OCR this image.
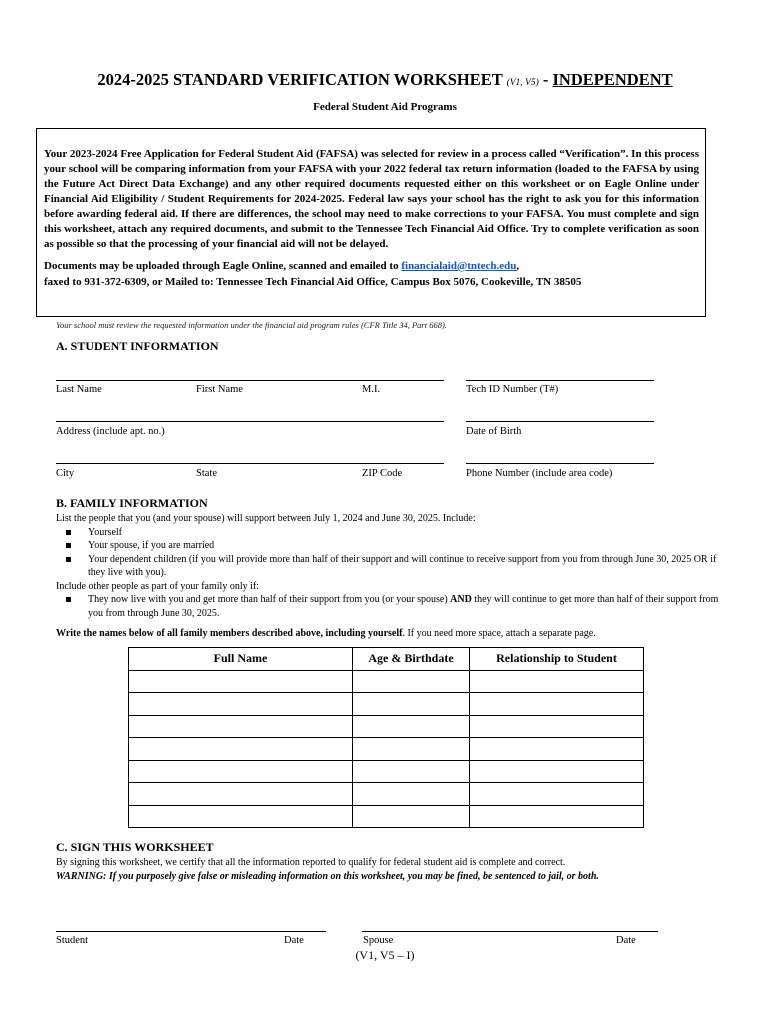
2024-2025 STANDARD VERIFICATION WORKSHEET (V1, V5) - INDEPENDENT
Federal Student Aid Programs

Your 2023-2024 Free Application for Federal Student Aid (FAFSA) was selected for review in a process called “Verification”. In this process your school will be comparing information from your FAFSA with your 2022 federal tax return information (loaded to the FAFSA by using the Future Act Direct Data Exchange) and any other required documents requested either on this worksheet or on Eagle Online under Financial Aid Eligibility / Student Requirements for 2024-2025. Federal law says your school has the right to ask you for this information before awarding federal aid. If there are differences, the school may need to make corrections to your FAFSA. You must complete and sign this worksheet, attach any required documents, and submit to the Tennessee Tech Financial Aid Office. Try to complete verification as soon as possible so that the processing of your financial aid will not be delayed.

Documents may be uploaded through Eagle Online, scanned and emailed to financialaid@tntech.edu,
faxed to 931-372-6309, or Mailed to: Tennessee Tech Financial Aid Office, Campus Box 5076, Cookeville, TN 38505

Your school must review the requested information under the financial aid program rules (CFR Title 34, Part 668).
A. STUDENT INFORMATION
Last Name	First Name	M.I.	Tech ID Number (T#)
Address (include apt. no.)	Date of Birth
City	State	ZIP Code	Phone Number (include area code)
B. FAMILY INFORMATION
List the people that you (and your spouse) will support between July 1, 2024 and June 30, 2025. Include:
Yourself
Your spouse, if you are married
Your dependent children (if you will provide more than half of their support and will continue to receive support from you from through June 30, 2025 OR if they live with you).
Include other people as part of your family only if:
They now live with you and get more than half of their support from you (or your spouse) AND they will continue to get more than half of their support from you from through June 30, 2025.
Write the names below of all family members described above, including yourself. If you need more space, attach a separate page.
Full Name	Age & Birthdate	Relationship to Student

C. SIGN THIS WORKSHEET
By signing this worksheet, we certify that all the information reported to qualify for federal student aid is complete and correct.
WARNING: If you purposely give false or misleading information on this worksheet, you may be fined, be sentenced to jail, or both.
Student	Date	Spouse	Date
(V1, V5 – I)
